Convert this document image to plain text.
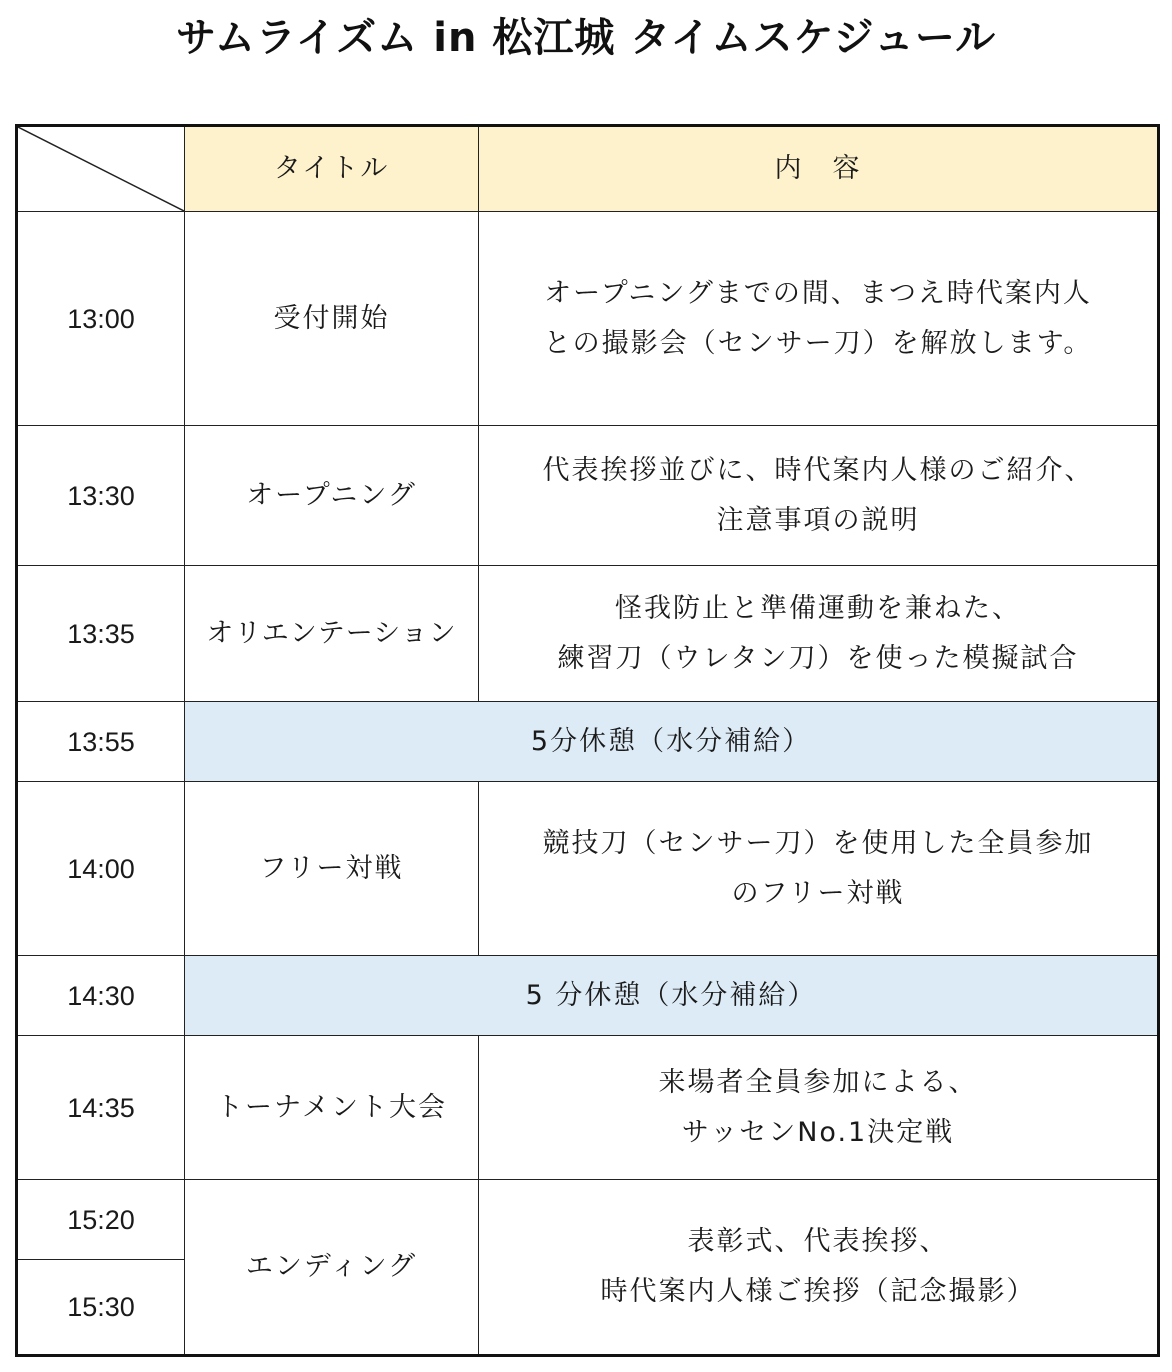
サムライズム in 松江城 タイムスケジュール
	タイトル	内　容
13:00	受付開始	オープニングまでの間、まつえ時代案内人
との撮影会（センサー刀）を解放します。

13:30	オープニング	代表挨拶並びに、時代案内人様のご紹介、
注意事項の説明

13:35	オリエンテーション	怪我防止と準備運動を兼ねた、
練習刀（ウレタン刀）を使った模擬試合

13:55	5分休憩（水分補給）	
14:00	フリー対戦	競技刀（センサー刀）を使用した全員参加
のフリー対戦

14:30	5 分休憩（水分補給）	
14:35	トーナメント大会	来場者全員参加による、
サッセンNo.1決定戦

15:20	エンディング	表彰式、代表挨拶、
時代案内人様ご挨拶（記念撮影）

15:30		
